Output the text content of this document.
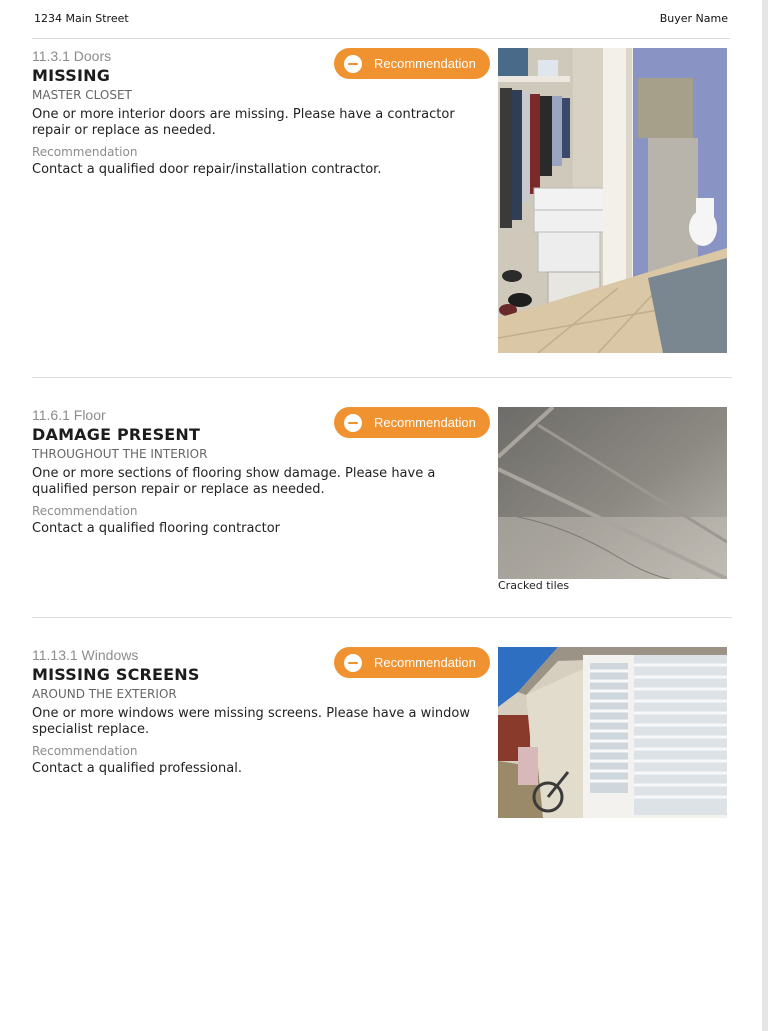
1234 Main Street	Buyer Name
11.3.1 Doors
MISSING
MASTER CLOSET
One or more interior doors are missing. Please have a contractor repair or replace as needed.
Recommendation
Contact a qualified door repair/installation contractor.
Recommendation
11.6.1 Floor
DAMAGE PRESENT
THROUGHOUT THE INTERIOR
One or more sections of flooring show damage. Please have a qualified person repair or replace as needed.
Recommendation
Contact a qualified flooring contractor
Recommendation
Cracked tiles
11.13.1 Windows
MISSING SCREENS
AROUND THE EXTERIOR
One or more windows were missing screens. Please have a window specialist replace.
Recommendation
Contact a qualified professional.
Recommendation
